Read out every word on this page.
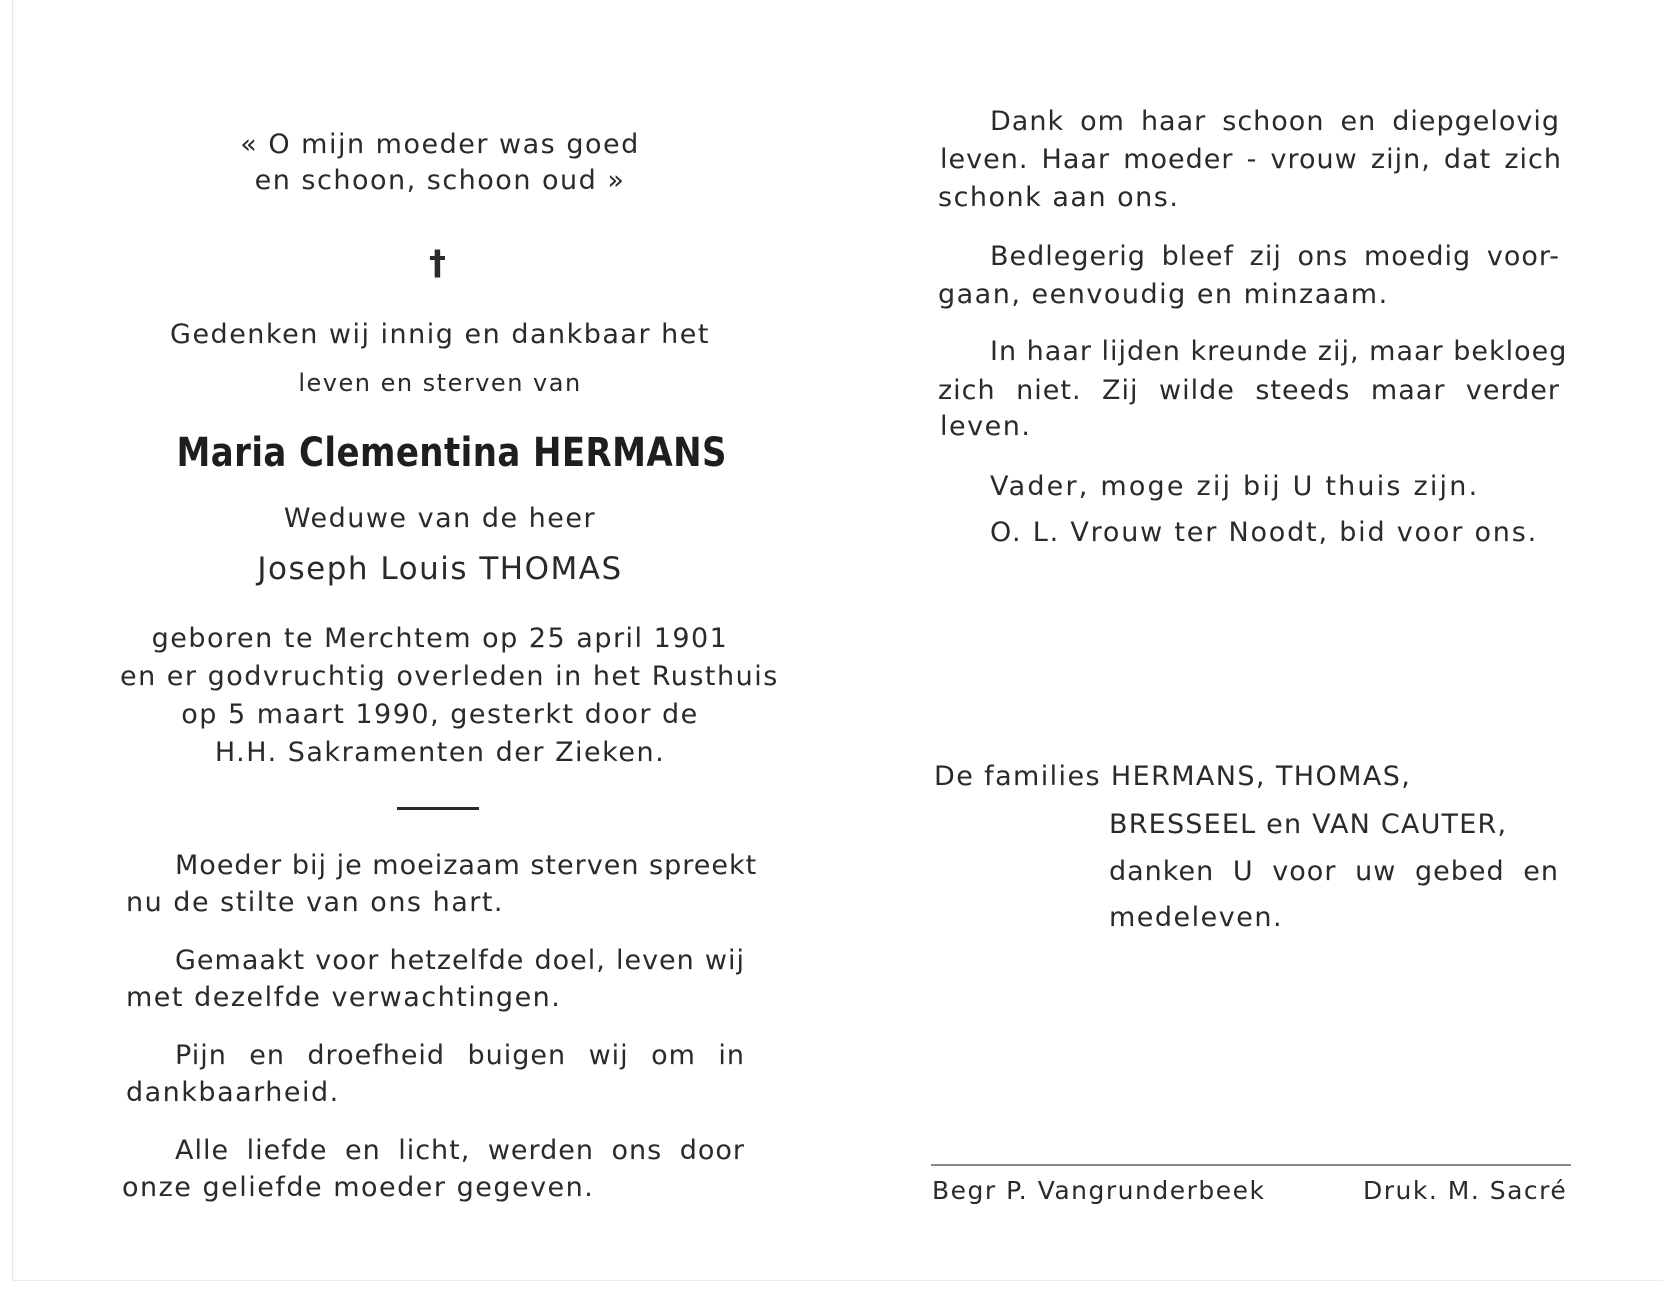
« O mijn moeder was goed
en schoon, schoon oud »
†
Gedenken wij innig en dankbaar het
leven en sterven van
Maria Clementina HERMANS
Weduwe van de heer
Joseph Louis THOMAS
geboren te Merchtem op 25 april 1901
en er godvruchtig overleden in het Rusthuis
op 5 maart 1990, gesterkt door de
H.H. Sakramenten der Zieken.
Moeder bij je moeizaam sterven spreekt
nu de stilte van ons hart.
Gemaakt voor hetzelfde doel, leven wij
met dezelfde verwachtingen.
Pijn en droefheid buigen wij om in
dankbaarheid.
Alle liefde en licht, werden ons door
onze geliefde moeder gegeven.
Dank om haar schoon en diepgelovig
leven. Haar moeder - vrouw zijn, dat zich
schonk aan ons.
Bedlegerig bleef zij ons moedig voor-
gaan, eenvoudig en minzaam.
In haar lijden kreunde zij, maar bekloeg
zich niet. Zij wilde steeds maar verder
leven.
Vader, moge zij bij U thuis zijn.
O. L. Vrouw ter Noodt, bid voor ons.
De families HERMANS, THOMAS,
BRESSEEL en VAN CAUTER,
danken U voor uw gebed en
medeleven.
Begr P. Vangrunderbeek	Druk. M. Sacré
